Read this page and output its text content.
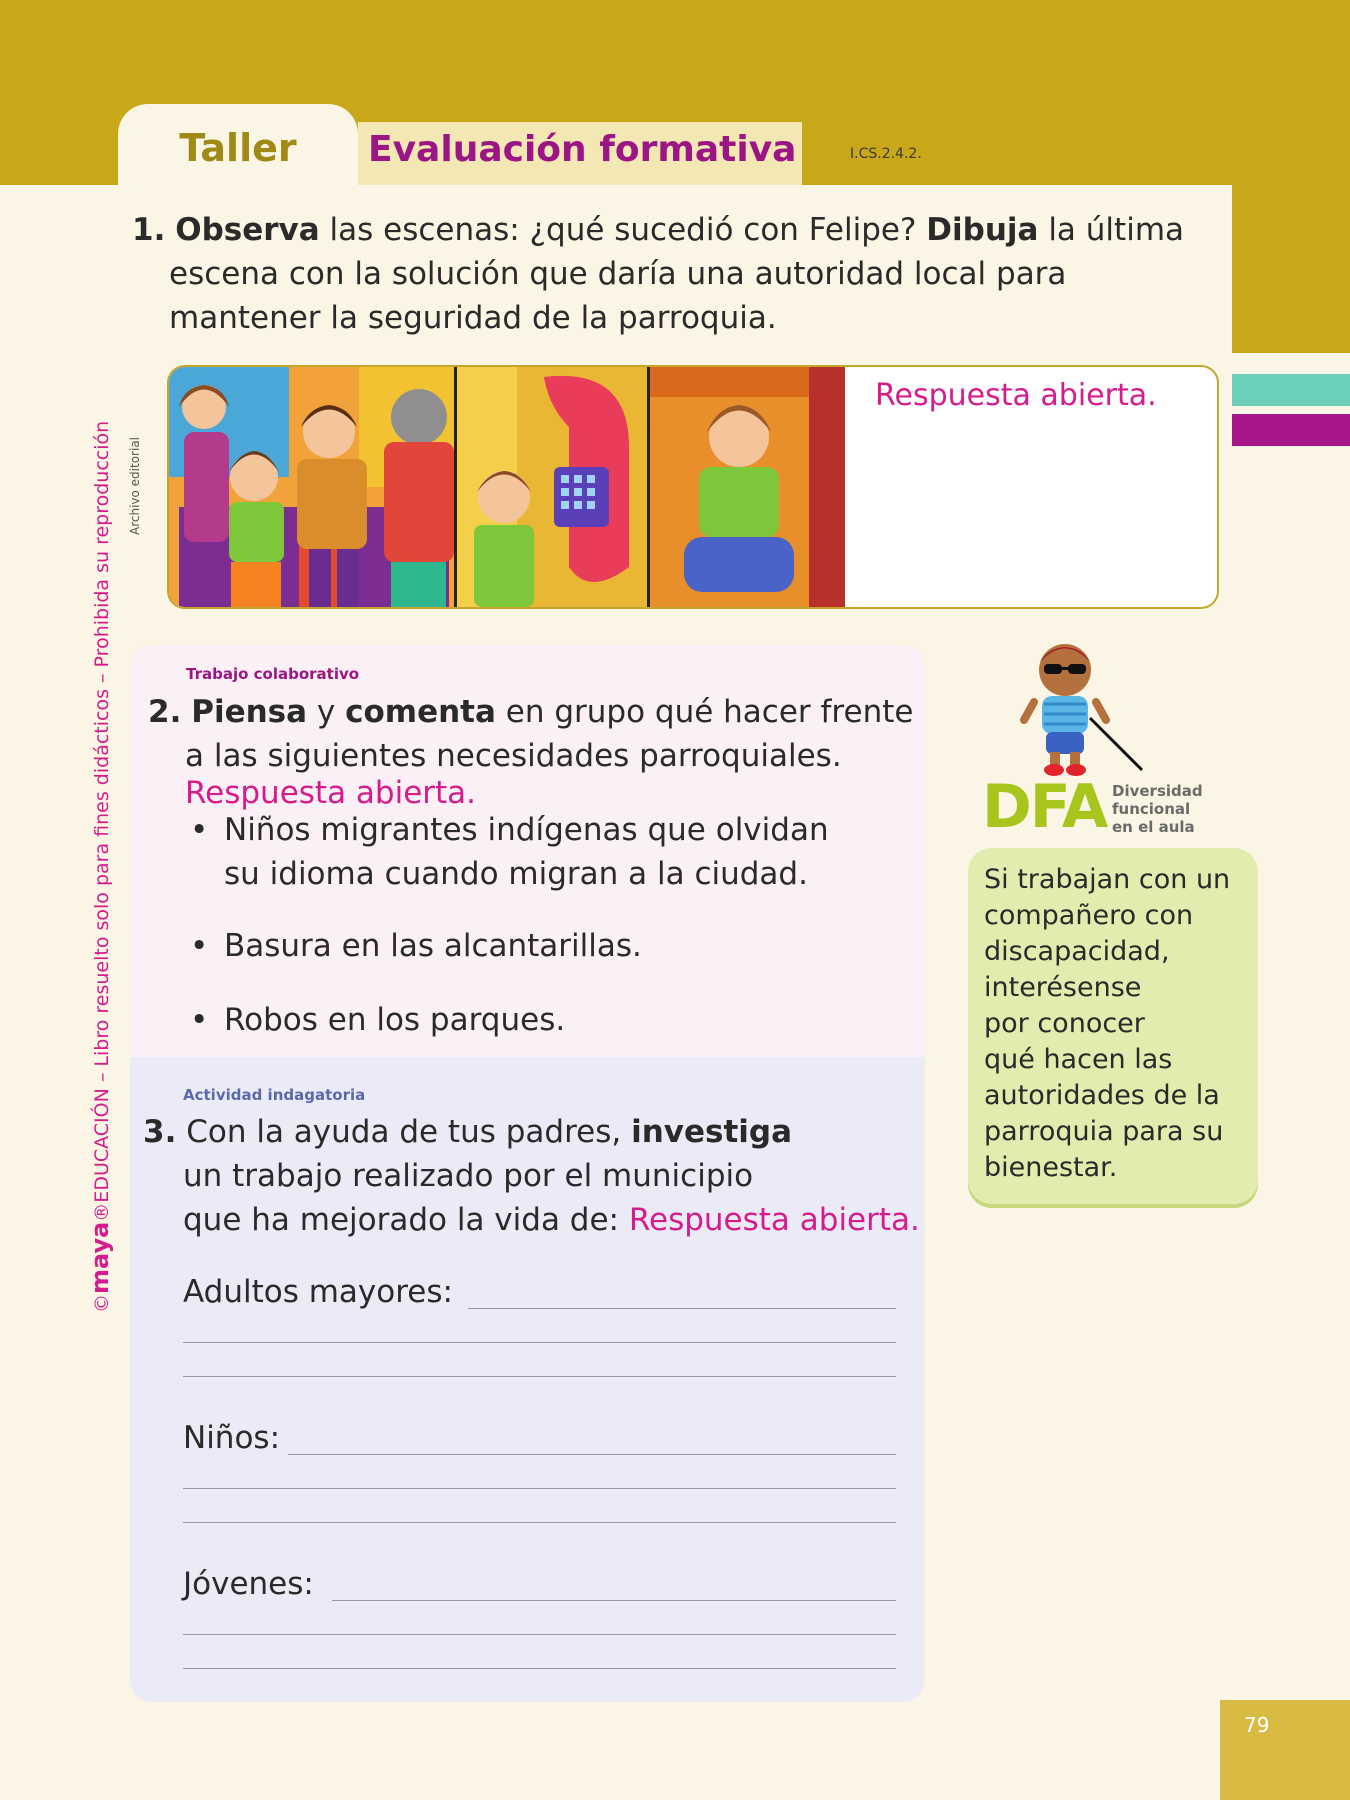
Taller	Evaluación formativa	I.CS.2.4.2.
1. Observa las escenas: ¿qué sucedió con Felipe? Dibuja la última
escena con la solución que daría una autoridad local para
mantener la seguridad de la parroquia.
Archivo editorial
Respuesta abierta.
©maya®EDUCACIÓN – Libro resuelto solo para fines didácticos – Prohibida su reproducción	Trabajo colaborativo
2. Piensa y comenta en grupo qué hacer frente
a las siguientes necesidades parroquiales.
Respuesta abierta.
• Niños migrantes indígenas que olvidan
su idioma cuando migran a la ciudad.
• Basura en las alcantarillas.
• Robos en los parques.
Actividad indagatoria
3. Con la ayuda de tus padres, investiga
un trabajo realizado por el municipio
que ha mejorado la vida de: Respuesta abierta.
Adultos mayores:
Niños:
Jóvenes:
DFA Diversidad
funcional
en el aula
Si trabajan con un
compañero con
discapacidad,
interésense
por conocer
qué hacen las
autoridades de la
parroquia para su
bienestar.
79
